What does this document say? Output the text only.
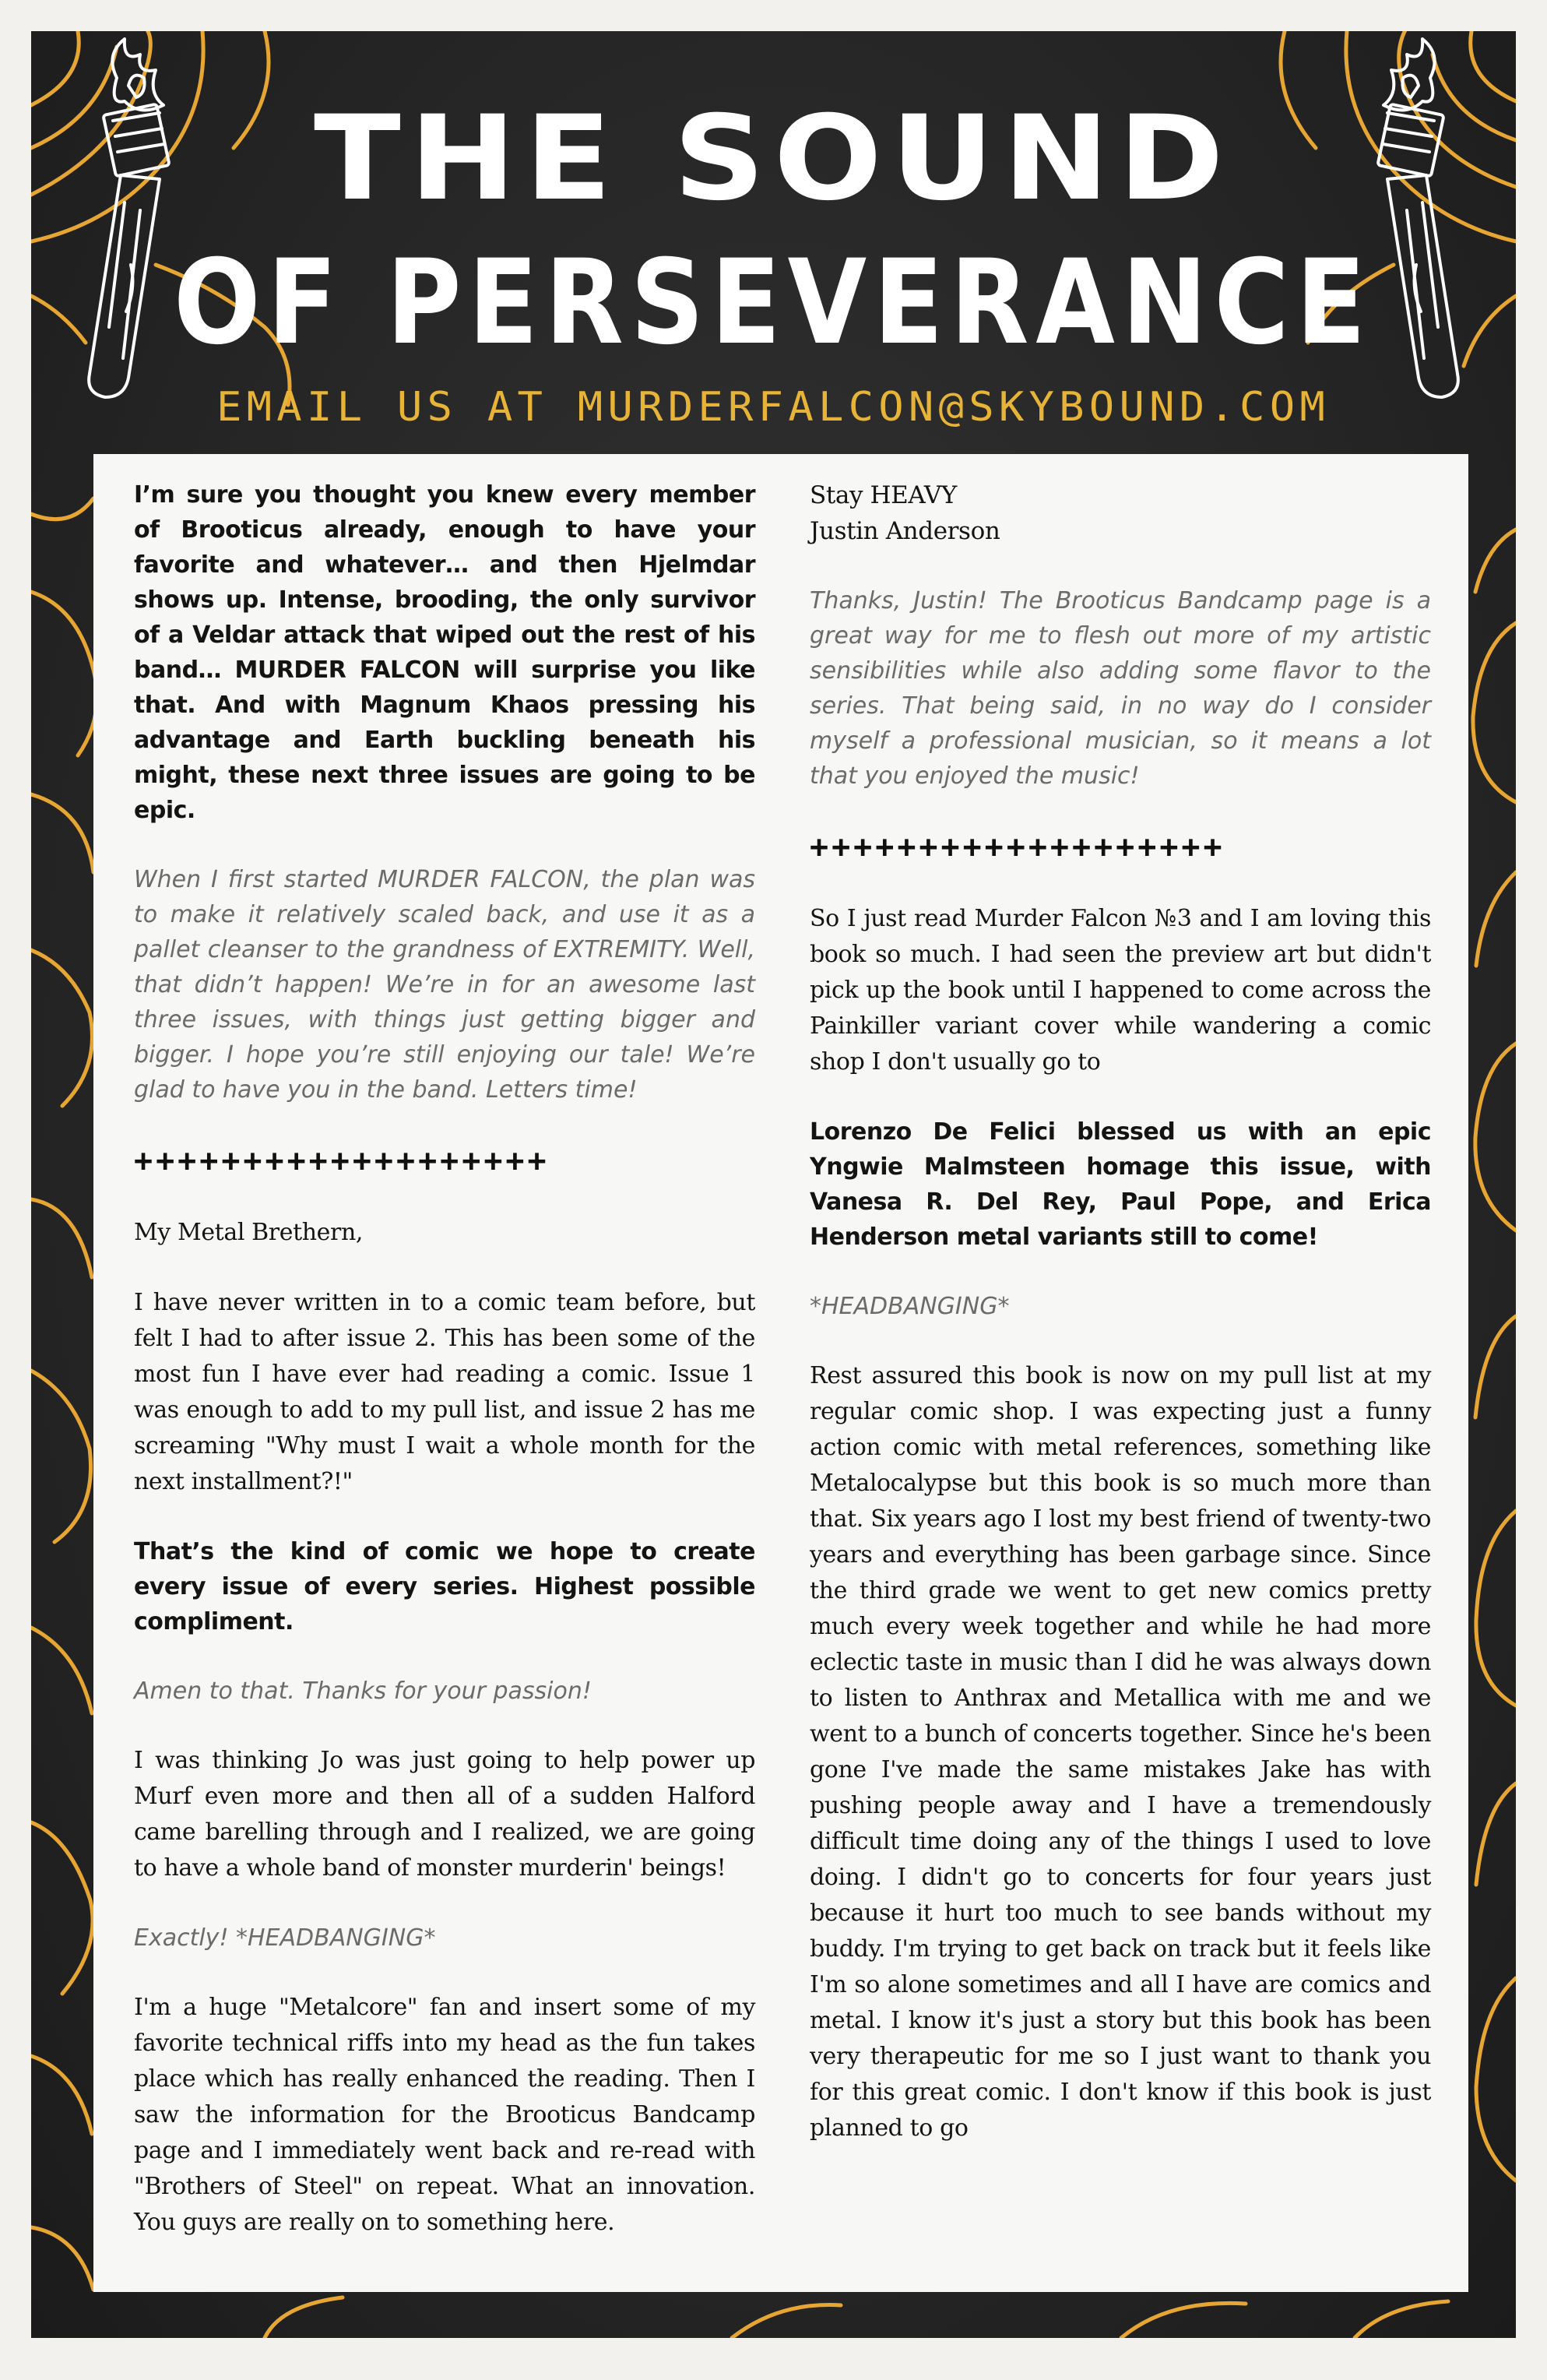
THE SOUND
OF PERSEVERANCE
EMAIL US AT MURDERFALCON@SKYBOUND.COM

I’m sure you thought you knew every member of Brooticus already, enough to have your favorite and whatever… and then Hjelmdar shows up. Intense, brooding, the only survivor of a Veldar attack that wiped out the rest of his band… MURDER FALCON will surprise you like that. And with Magnum Khaos pressing his advantage and Earth buckling beneath his might, these next three issues are going to be epic.

When I first started MURDER FALCON, the plan was to make it relatively scaled back, and use it as a pallet cleanser to the grandness of EXTREMITY. Well, that didn’t happen! We’re in for an awesome last three issues, with things just getting bigger and bigger. I hope you’re still enjoying our tale! We’re glad to have you in the band. Letters time!

+++++++++++++++++++

My Metal Brethern,

I have never written in to a comic team before, but felt I had to after issue 2. This has been some of the most fun I have ever had reading a comic. Issue 1 was enough to add to my pull list, and issue 2 has me screaming "Why must I wait a whole month for the next installment?!"

That’s the kind of comic we hope to create every issue of every series. Highest possible compliment.

Amen to that. Thanks for your passion!

I was thinking Jo was just going to help power up Murf even more and then all of a sudden Halford came barelling through and I realized, we are going to have a whole band of monster murderin' beings!

Exactly! *HEADBANGING*

I'm a huge "Metalcore" fan and insert some of my favorite technical riffs into my head as the fun takes place which has really enhanced the reading. Then I saw the information for the Brooticus Bandcamp page and I immediately went back and re-read with "Brothers of Steel" on repeat. What an innovation. You guys are really on to something here.

Stay HEAVY
Justin Anderson

Thanks, Justin! The Brooticus Bandcamp page is a great way for me to flesh out more of my artistic sensibilities while also adding some flavor to the series. That being said, in no way do I consider myself a professional musician, so it means a lot that you enjoyed the music!

+++++++++++++++++++

So I just read Murder Falcon №3 and I am loving this book so much. I had seen the preview art but didn't pick up the book until I happened to come across the Painkiller variant cover while wandering a comic shop I don't usually go to

Lorenzo De Felici blessed us with an epic Yngwie Malmsteen homage this issue, with Vanesa R. Del Rey, Paul Pope, and Erica Henderson metal variants still to come!

*HEADBANGING*

Rest assured this book is now on my pull list at my regular comic shop. I was expecting just a funny action comic with metal references, something like Metalocalypse but this book is so much more than that. Six years ago I lost my best friend of twenty-two years and everything has been garbage since. Since the third grade we went to get new comics pretty much every week together and while he had more eclectic taste in music than I did he was always down to listen to Anthrax and Metallica with me and we went to a bunch of concerts together. Since he's been gone I've made the same mistakes Jake has with pushing people away and I have a tremendously difficult time doing any of the things I used to love doing. I didn't go to concerts for four years just because it hurt too much to see bands without my buddy. I'm trying to get back on track but it feels like I'm so alone sometimes and all I have are comics and metal. I know it's just a story but this book has been very therapeutic for me so I just want to thank you for this great comic. I don't know if this book is just planned to go
